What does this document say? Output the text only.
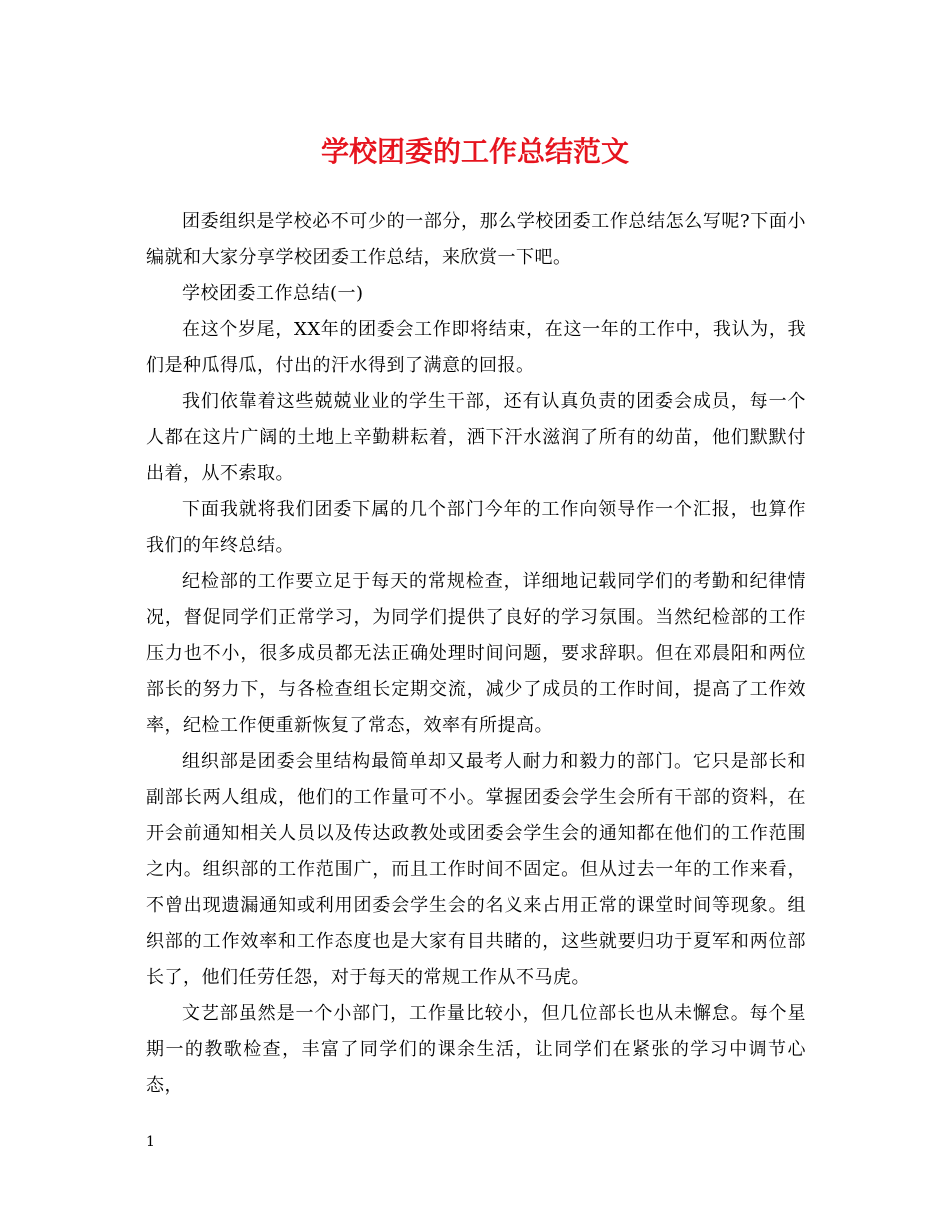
学校团委的工作总结范文

团委组织是学校必不可少的一部分，那么学校团委工作总结怎么写呢?下面小编就和大家分享学校团委工作总结，来欣赏一下吧。

学校团委工作总结(一)

在这个岁尾，XX年的团委会工作即将结束，在这一年的工作中，我认为，我们是种瓜得瓜，付出的汗水得到了满意的回报。

我们依靠着这些兢兢业业的学生干部，还有认真负责的团委会成员，每一个人都在这片广阔的土地上辛勤耕耘着，洒下汗水滋润了所有的幼苗，他们默默付出着，从不索取。

下面我就将我们团委下属的几个部门今年的工作向领导作一个汇报，也算作我们的年终总结。

纪检部的工作要立足于每天的常规检查，详细地记载同学们的考勤和纪律情况，督促同学们正常学习，为同学们提供了良好的学习氛围。当然纪检部的工作压力也不小，很多成员都无法正确处理时间问题，要求辞职。但在邓晨阳和两位部长的努力下，与各检查组长定期交流，减少了成员的工作时间，提高了工作效率，纪检工作便重新恢复了常态，效率有所提高。

组织部是团委会里结构最简单却又最考人耐力和毅力的部门。它只是部长和副部长两人组成，他们的工作量可不小。掌握团委会学生会所有干部的资料，在开会前通知相关人员以及传达政教处或团委会学生会的通知都在他们的工作范围之内。组织部的工作范围广，而且工作时间不固定。但从过去一年的工作来看，不曾出现遗漏通知或利用团委会学生会的名义来占用正常的课堂时间等现象。组织部的工作效率和工作态度也是大家有目共睹的，这些就要归功于夏军和两位部长了，他们任劳任怨，对于每天的常规工作从不马虎。

文艺部虽然是一个小部门，工作量比较小，但几位部长也从未懈怠。每个星期一的教歌检查，丰富了同学们的课余生活，让同学们在紧张的学习中调节心态，

1
